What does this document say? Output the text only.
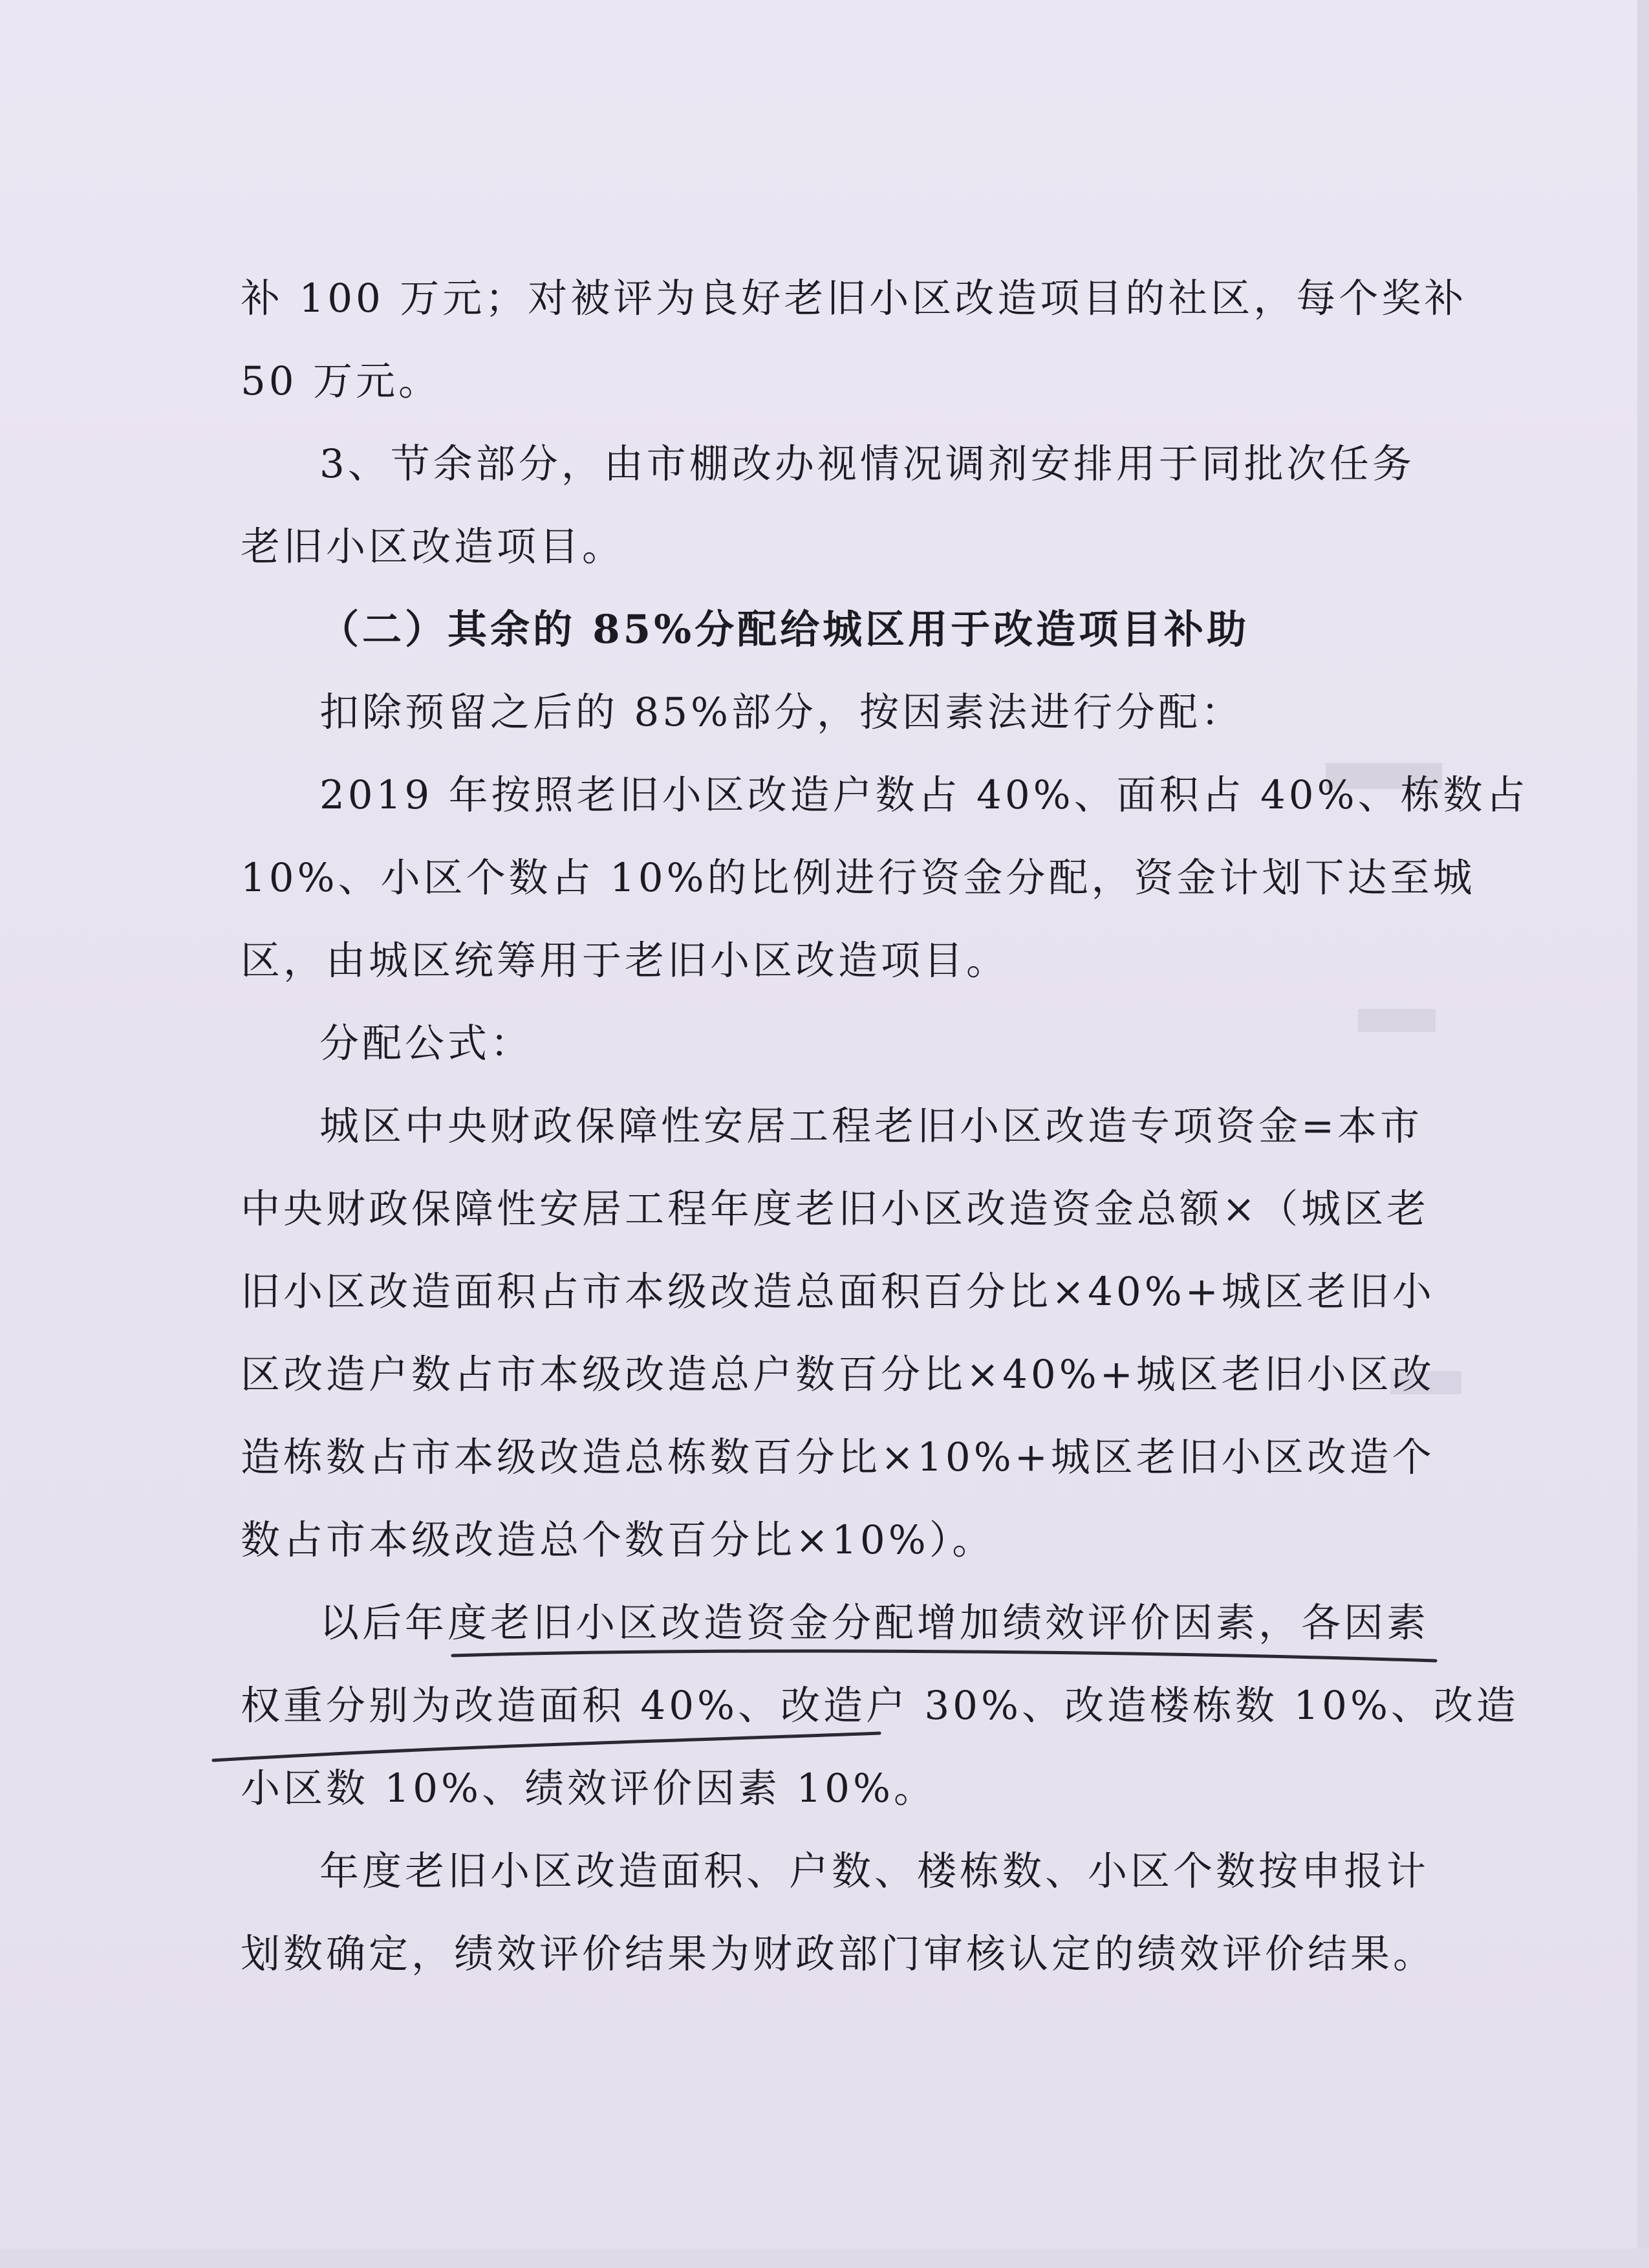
补 100 万元；对被评为良好老旧小区改造项目的社区，每个奖补
50 万元。
3、节余部分，由市棚改办视情况调剂安排用于同批次任务
老旧小区改造项目。
（二）其余的 85%分配给城区用于改造项目补助
扣除预留之后的 85%部分，按因素法进行分配：
2019 年按照老旧小区改造户数占 40%、面积占 40%、栋数占
10%、小区个数占 10%的比例进行资金分配，资金计划下达至城
区，由城区统筹用于老旧小区改造项目。
分配公式：
城区中央财政保障性安居工程老旧小区改造专项资金=本市
中央财政保障性安居工程年度老旧小区改造资金总额×（城区老
旧小区改造面积占市本级改造总面积百分比×40%+城区老旧小
区改造户数占市本级改造总户数百分比×40%+城区老旧小区改
造栋数占市本级改造总栋数百分比×10%+城区老旧小区改造个
数占市本级改造总个数百分比×10%）。
以后年度老旧小区改造资金分配增加绩效评价因素，各因素
权重分别为改造面积 40%、改造户 30%、改造楼栋数 10%、改造
小区数 10%、绩效评价因素 10%。
年度老旧小区改造面积、户数、楼栋数、小区个数按申报计
划数确定，绩效评价结果为财政部门审核认定的绩效评价结果。
